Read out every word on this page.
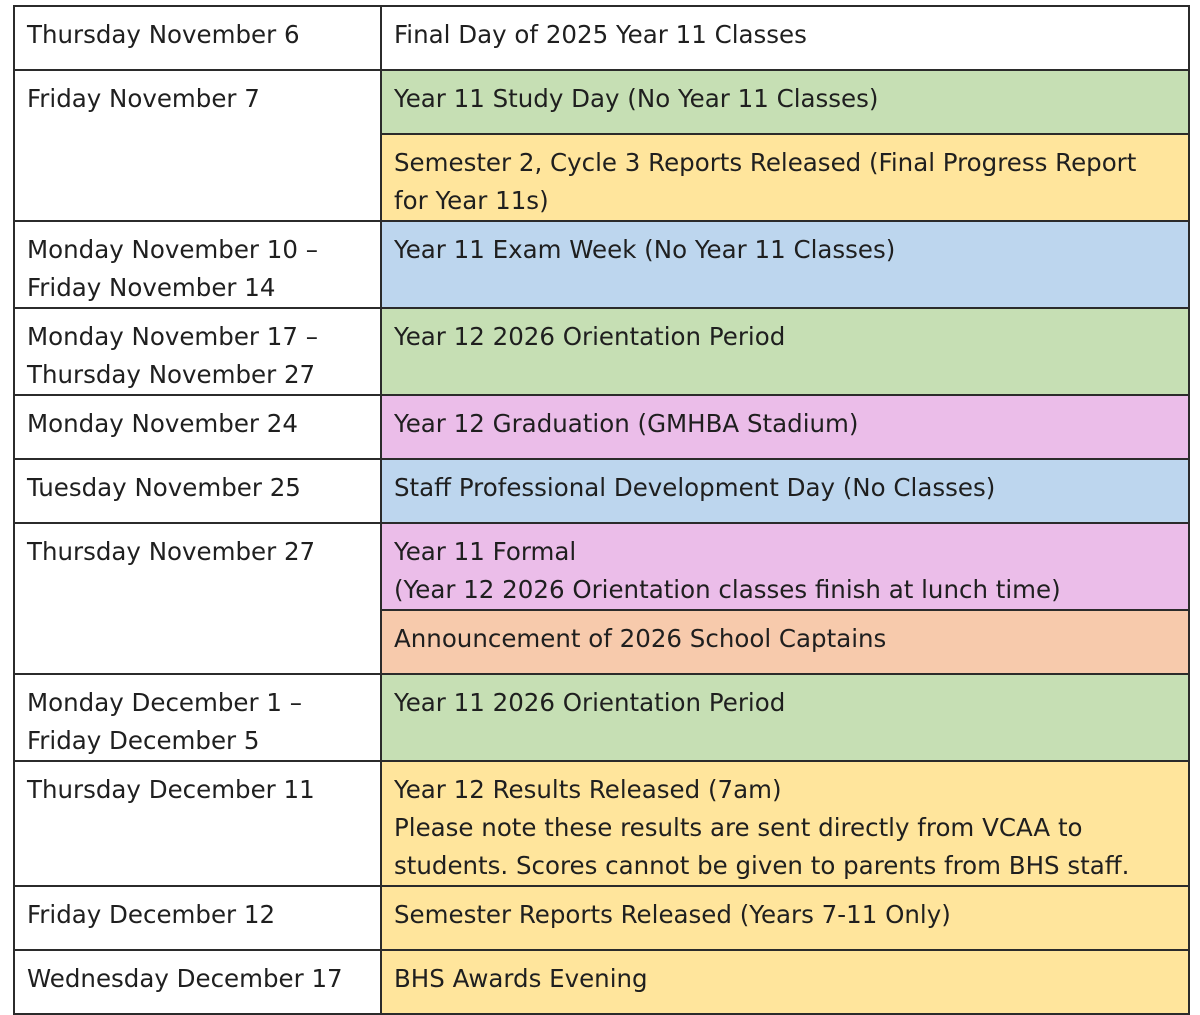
Thursday November 6	Final Day of 2025 Year 11 Classes

Friday November 7	Year 11 Study Day (No Year 11 Classes)

	Semester 2, Cycle 3 Reports Released (Final Progress Report
for Year 11s)

Monday November 10 –
Friday November 14	Year 11 Exam Week (No Year 11 Classes)

Monday November 17 –
Thursday November 27	Year 12 2026 Orientation Period

Monday November 24	Year 12 Graduation (GMHBA Stadium)

Tuesday November 25	Staff Professional Development Day (No Classes)

Thursday November 27	Year 11 Formal
(Year 12 2026 Orientation classes finish at lunch time)

	Announcement of 2026 School Captains

Monday December 1 –
Friday December 5	Year 11 2026 Orientation Period

Thursday December 11	Year 12 Results Released (7am)
Please note these results are sent directly from VCAA to
students. Scores cannot be given to parents from BHS staff.

Friday December 12	Semester Reports Released (Years 7-11 Only)

Wednesday December 17	BHS Awards Evening
